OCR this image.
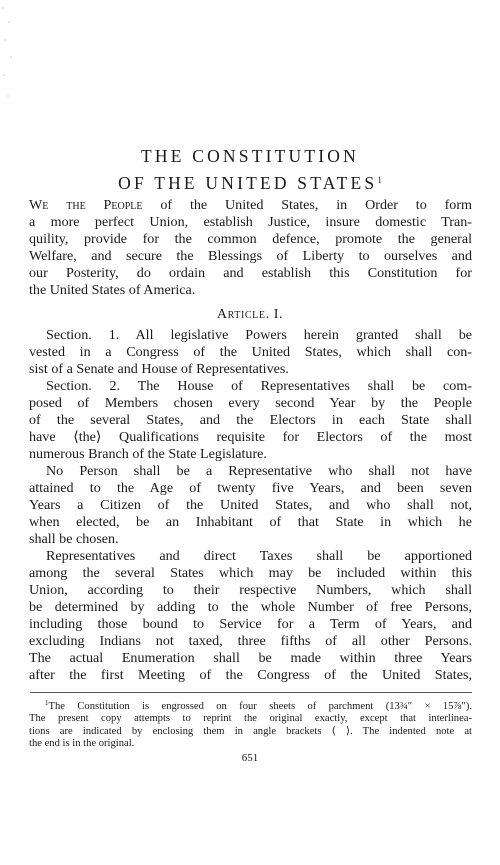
THE CONSTITUTION
OF THE UNITED STATES$^1$
We the People of the United States, in Order to form
a more perfect Union, establish Justice, insure domestic Tran-
quility, provide for the common defence, promote the general
Welfare, and secure the Blessings of Liberty to ourselves and
our Posterity, do ordain and establish this Constitution for
the United States of America.
Article. I.
Section. 1. All legislative Powers herein granted shall be
vested in a Congress of the United States, which shall con-
sist of a Senate and House of Representatives.
Section. 2. The House of Representatives shall be com-
posed of Members chosen every second Year by the People
of the several States, and the Electors in each State shall
have ⟨the⟩ Qualifications requisite for Electors of the most
numerous Branch of the State Legislature.
No Person shall be a Representative who shall not have
attained to the Age of twenty five Years, and been seven
Years a Citizen of the United States, and who shall not,
when elected, be an Inhabitant of that State in which he
shall be chosen.
Representatives and direct Taxes shall be apportioned
among the several States which may be included within this
Union, according to their respective Numbers, which shall
be determined by adding to the whole Number of free Persons,
including those bound to Service for a Term of Years, and
excluding Indians not taxed, three fifths of all other Persons.
The actual Enumeration shall be made within three Years
after the first Meeting of the Congress of the United States,
$^1$The Constitution is engrossed on four sheets of parchment (13¾″ × 15⅞″).
The present copy attempts to reprint the original exactly, except that interlinea-
tions are indicated by enclosing them in angle brackets ⟨ ⟩. The indented note at
the end is in the original.
651
